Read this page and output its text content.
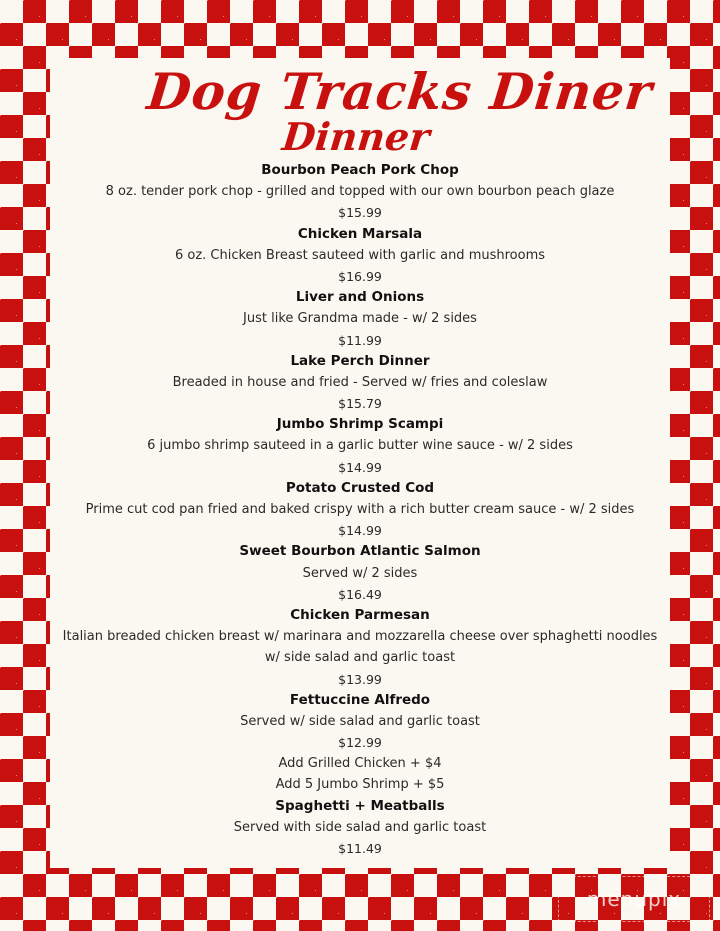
Dog Tracks Diner
Dinner
Bourbon Peach Pork Chop
8 oz. tender pork chop - grilled and topped with our own bourbon peach glaze
$15.99
Chicken Marsala
6 oz. Chicken Breast sauteed with garlic and mushrooms
$16.99
Liver and Onions
Just like Grandma made - w/ 2 sides
$11.99
Lake Perch Dinner
Breaded in house and fried - Served w/ fries and coleslaw
$15.79
Jumbo Shrimp Scampi
6 jumbo shrimp sauteed in a garlic butter wine sauce - w/ 2 sides
$14.99
Potato Crusted Cod
Prime cut cod pan fried and baked crispy with a rich butter cream sauce - w/ 2 sides
$14.99
Sweet Bourbon Atlantic Salmon
Served w/ 2 sides
$16.49
Chicken Parmesan
Italian breaded chicken breast w/ marinara and mozzarella cheese over sphaghetti noodles
w/ side salad and garlic toast
$13.99
Fettuccine Alfredo
Served w/ side salad and garlic toast
$12.99
Add Grilled Chicken + $4
Add 5 Jumbo Shrimp + $5
Spaghetti + Meatballs
Served with side salad and garlic toast
$11.49
menupix
